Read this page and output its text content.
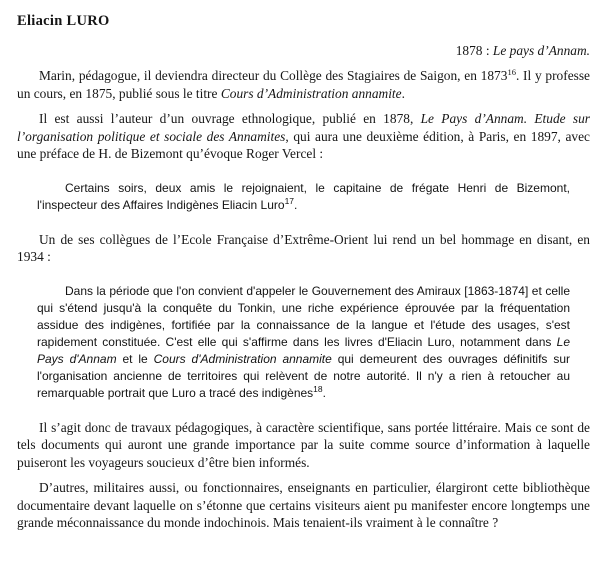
Eliacin LURO

1878 : Le pays d’Annam.

Marin, pédagogue, il deviendra directeur du Collège des Stagiaires de Saigon, en 1873$^{16}$. Il y professe un cours, en 1875, publié sous le titre Cours d’Administration annamite.

Il est aussi l’auteur d’un ouvrage ethnologique, publié en 1878, Le Pays d’Annam. Etude sur l’organisation politique et sociale des Annamites, qui aura une deuxième édition, à Paris, en 1897, avec une préface de H. de Bizemont qu’évoque Roger Vercel :

Certains soirs, deux amis le rejoignaient, le capitaine de frégate Henri de Bizemont, l'inspecteur des Affaires Indigènes Eliacin Luro$^{17}$.

Un de ses collègues de l’Ecole Française d’Extrême-Orient lui rend un bel hommage en disant, en 1934 :

Dans la période que l'on convient d'appeler le Gouvernement des Amiraux [1863-1874] et celle qui s'étend jusqu'à la conquête du Tonkin, une riche expérience éprouvée par la fréquentation assidue des indigènes, fortifiée par la connaissance de la langue et l'étude des usages, s'est rapidement constituée. C'est elle qui s'affirme dans les livres d'Eliacin Luro, notamment dans Le Pays d'Annam et le Cours d'Administration annamite qui demeurent des ouvrages définitifs sur l'organisation ancienne de territoires qui relèvent de notre autorité. Il n'y a rien à retoucher au remarquable portrait que Luro a tracé des indigènes$^{18}$.

Il s’agit donc de travaux pédagogiques, à caractère scientifique, sans portée littéraire. Mais ce sont de tels documents qui auront une grande importance par la suite comme source d’information à laquelle puiseront les voyageurs soucieux d’être bien informés.

D’autres, militaires aussi, ou fonctionnaires, enseignants en particulier, élargiront cette bibliothèque documentaire devant laquelle on s’étonne que certains visiteurs aient pu manifester encore longtemps une grande méconnaissance du monde indochinois. Mais tenaient-ils vraiment à le connaître ?
